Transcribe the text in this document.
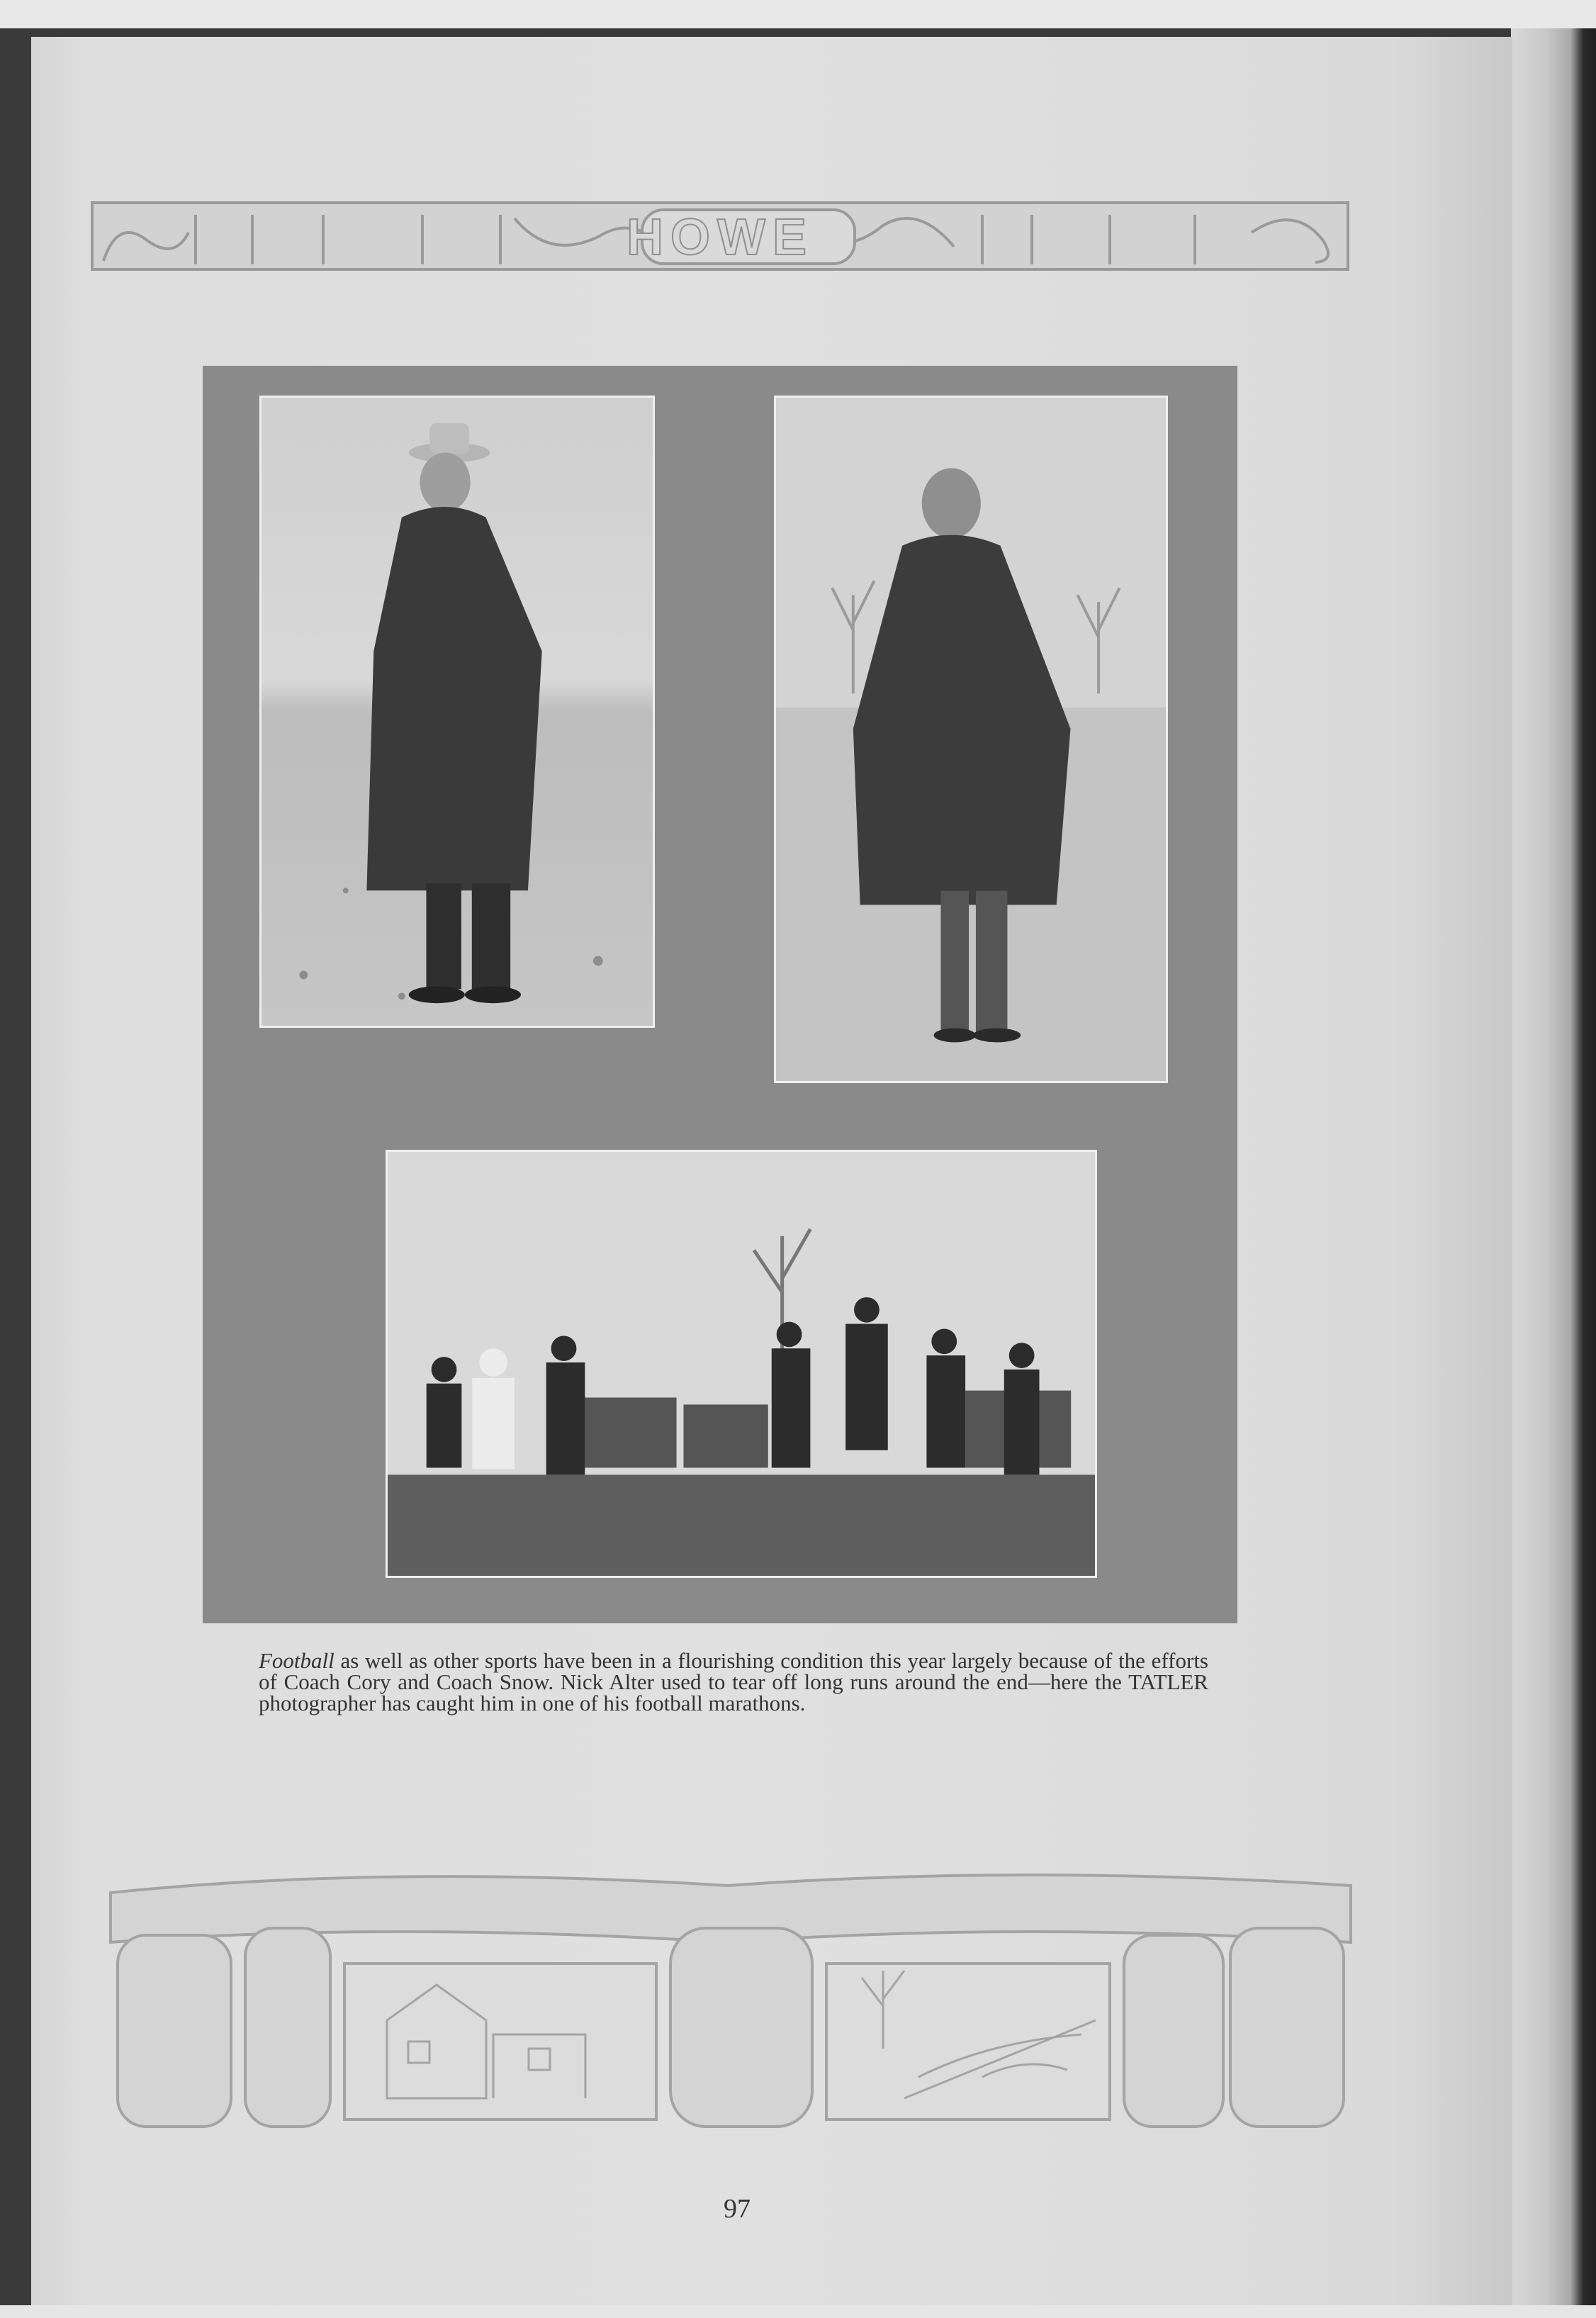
HOWE
Football as well as other sports have been in a flourishing condition this year largely because of the efforts of Coach Cory and Coach Snow. Nick Alter used to tear off long runs around the end—here the TATLER photographer has caught him in one of his football marathons.
97
